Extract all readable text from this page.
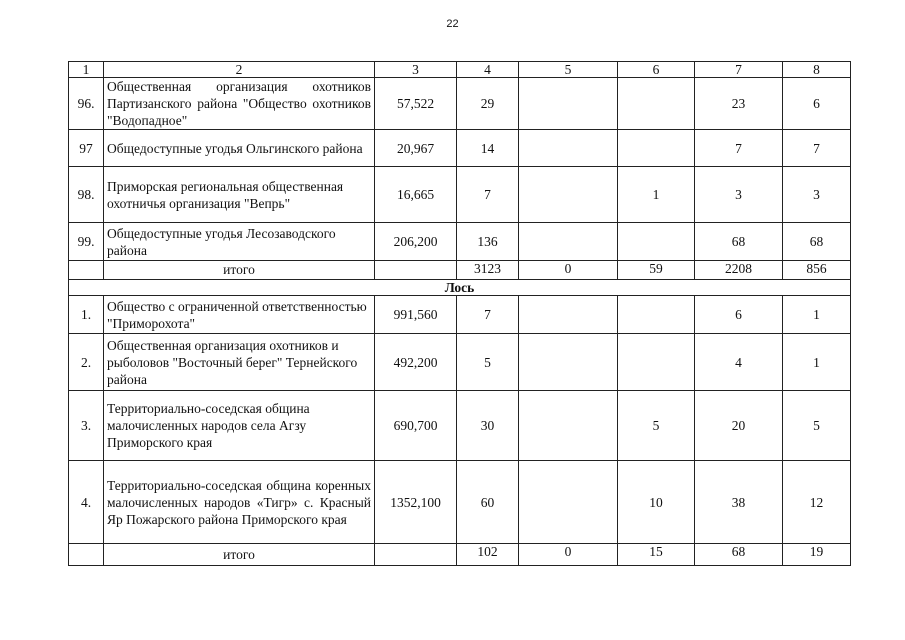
22
1	2	3	4	5	6	7	8
96.	Общественная организация охотников Партизанского района "Общество охотников "Водопадное"	57,522	29			23	6
97	Общедоступные угодья Ольгинского района	20,967	14			7	7
98.	Приморская региональная общественная охотничья организация "Вепрь"	16,665	7		1	3	3
99.	Общедоступные угодья Лесозаводского района	206,200	136			68	68
	итого		3123	0	59	2208	856
Лось							
1.	Общество с ограниченной ответственностью "Приморохота"	991,560	7			6	1
2.	Общественная организация охотников и рыболовов "Восточный берег" Тернейского района	492,200	5			4	1
3.	Территориально-соседская община малочисленных народов села Агзу Приморского края	690,700	30		5	20	5
4.	Территориально-соседская община коренных малочисленных народов «Тигр» с. Красный Яр Пожарского района Приморского края	1352,100	60		10	38	12
	итого		102	0	15	68	19
